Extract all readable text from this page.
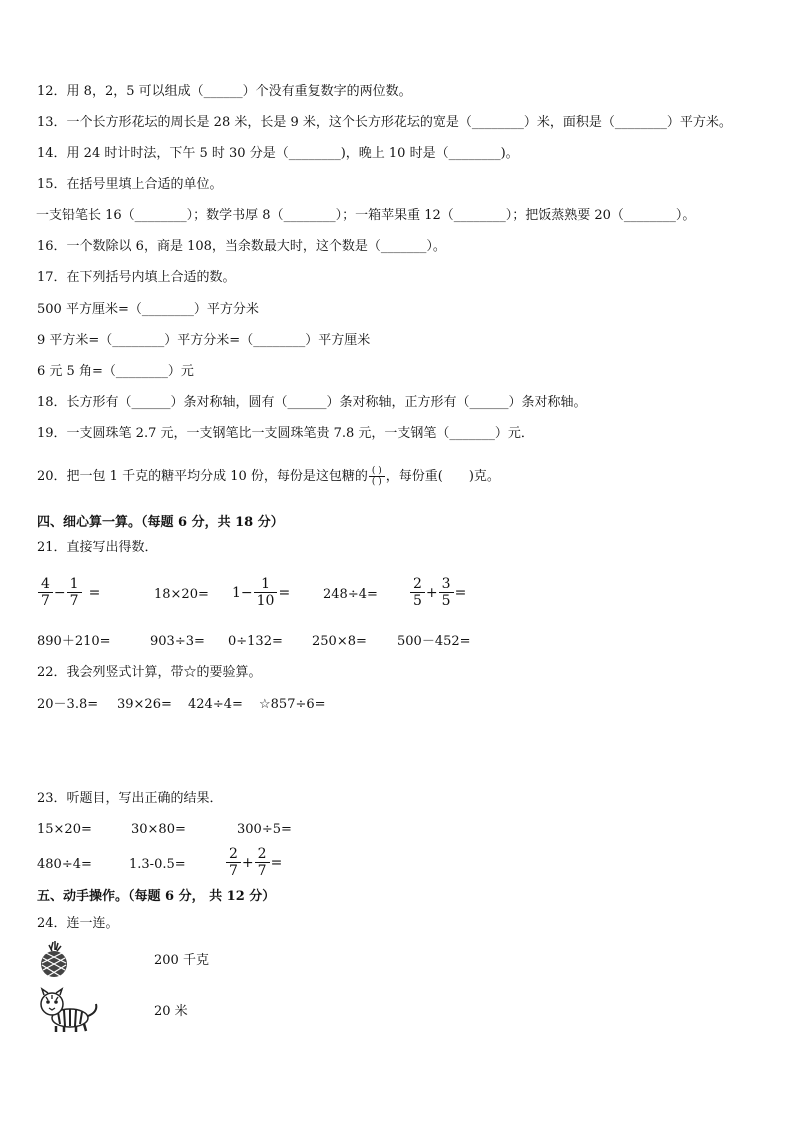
12．用 8，2，5 可以组成（______）个没有重复数字的两位数。
13．一个长方形花坛的周长是 28 米，长是 9 米，这个长方形花坛的宽是（________）米，面积是（________）平方米。
14．用 24 时计时法，下午 5 时 30 分是（________)，晚上 10 时是（________)。
15．在括号里填上合适的单位。
一支铅笔长 16（________）；数学书厚 8（________）；一箱苹果重 12（________）；把饭蒸熟要 20（________）。
16．一个数除以 6，商是 108，当余数最大时，这个数是（_______）。
17．在下列括号内填上合适的数。
500 平方厘米=（________）平方分米
9 平方米=（________）平方分米=（________）平方厘米
6 元 5 角=（________）元
18．长方形有（______）条对称轴，圆有（______）条对称轴，正方形有（______）条对称轴。
19．一支圆珠笔 2.7 元，一支钢笔比一支圆珠笔贵 7.8 元，一支钢笔（_______）元．
20．把一包 1 千克的糖平均分成 10 份，每份是这包糖的 $\frac{( )}{( )}$ ，每份重(　　)克。
四、细心算一算。（每题 6 分，共 18 分）
21．直接写出得数．
$\frac{4}{7} - \frac{1}{7}$ =	$18\times 20= 1- \frac{1}{10}$ =	$248\div 4= \frac{2}{5} + \frac{3}{5}$ =
890＋210=	903÷3= 0÷132= 250×8= 500－452=
22．我会列竖式计算，带☆的要验算。
20－3.8= 39×26= 424÷4= ☆857÷6=
23．听题目，写出正确的结果．
15×20=	30×80=	300÷5=
480÷4=	1.3-0.5=	$\frac{2}{7} + \frac{2}{7}$ =
五、动手操作。（每题 6 分， 共 12 分）
24．连一连。
200 千克
20 米
